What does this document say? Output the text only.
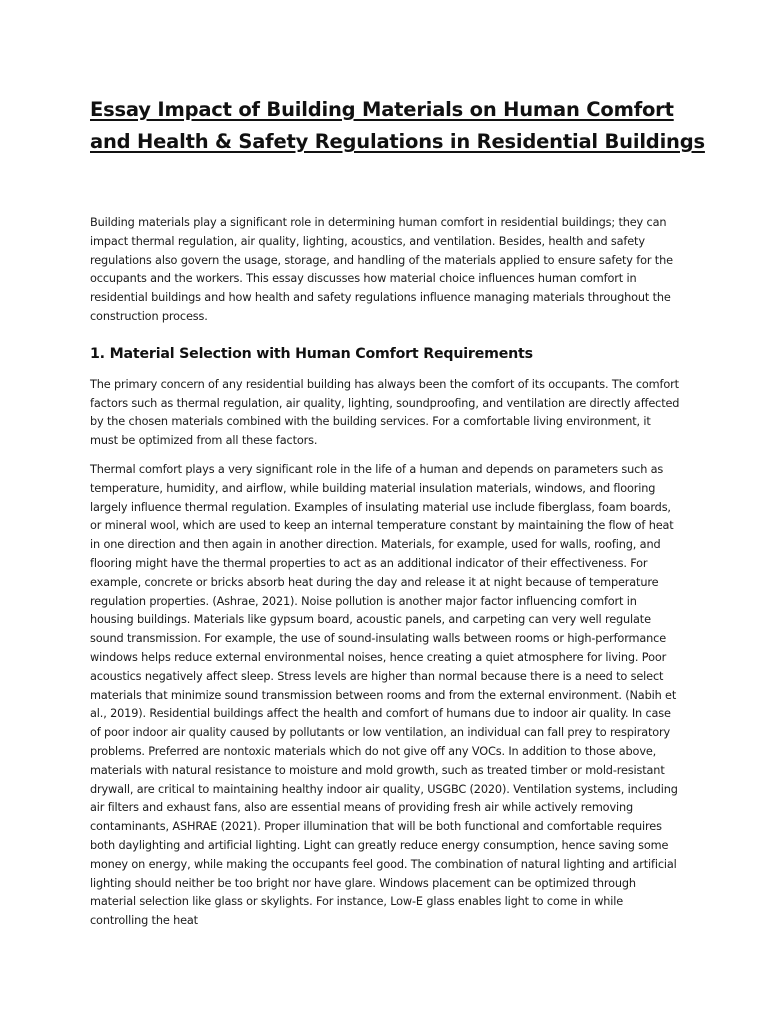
Essay Impact of Building Materials on Human Comfort
and Health & Safety Regulations in Residential Buildings

Building materials play a significant role in determining human comfort in residential buildings; they can impact thermal regulation, air quality, lighting, acoustics, and ventilation. Besides, health and safety regulations also govern the usage, storage, and handling of the materials applied to ensure safety for the occupants and the workers. This essay discusses how material choice influences human comfort in residential buildings and how health and safety regulations influence managing materials throughout the construction process.

1. Material Selection with Human Comfort Requirements

The primary concern of any residential building has always been the comfort of its occupants. The comfort factors such as thermal regulation, air quality, lighting, soundproofing, and ventilation are directly affected by the chosen materials combined with the building services. For a comfortable living environment, it must be optimized from all these factors.

Thermal comfort plays a very significant role in the life of a human and depends on parameters such as temperature, humidity, and airflow, while building material insulation materials, windows, and flooring largely influence thermal regulation. Examples of insulating material use include fiberglass, foam boards, or mineral wool, which are used to keep an internal temperature constant by maintaining the flow of heat in one direction and then again in another direction. Materials, for example, used for walls, roofing, and flooring might have the thermal properties to act as an additional indicator of their effectiveness. For example, concrete or bricks absorb heat during the day and release it at night because of temperature regulation properties. (Ashrae, 2021). Noise pollution is another major factor influencing comfort in housing buildings. Materials like gypsum board, acoustic panels, and carpeting can very well regulate sound transmission. For example, the use of sound-insulating walls between rooms or high-performance windows helps reduce external environmental noises, hence creating a quiet atmosphere for living. Poor acoustics negatively affect sleep. Stress levels are higher than normal because there is a need to select materials that minimize sound transmission between rooms and from the external environment. (Nabih et al., 2019). Residential buildings affect the health and comfort of humans due to indoor air quality. In case of poor indoor air quality caused by pollutants or low ventilation, an individual can fall prey to respiratory problems. Preferred are nontoxic materials which do not give off any VOCs. In addition to those above, materials with natural resistance to moisture and mold growth, such as treated timber or mold-resistant drywall, are critical to maintaining healthy indoor air quality, USGBC (2020). Ventilation systems, including air filters and exhaust fans, also are essential means of providing fresh air while actively removing contaminants, ASHRAE (2021). Proper illumination that will be both functional and comfortable requires both daylighting and artificial lighting. Light can greatly reduce energy consumption, hence saving some money on energy, while making the occupants feel good. The combination of natural lighting and artificial lighting should neither be too bright nor have glare. Windows placement can be optimized through material selection like glass or skylights. For instance, Low-E glass enables light to come in while controlling the heat
